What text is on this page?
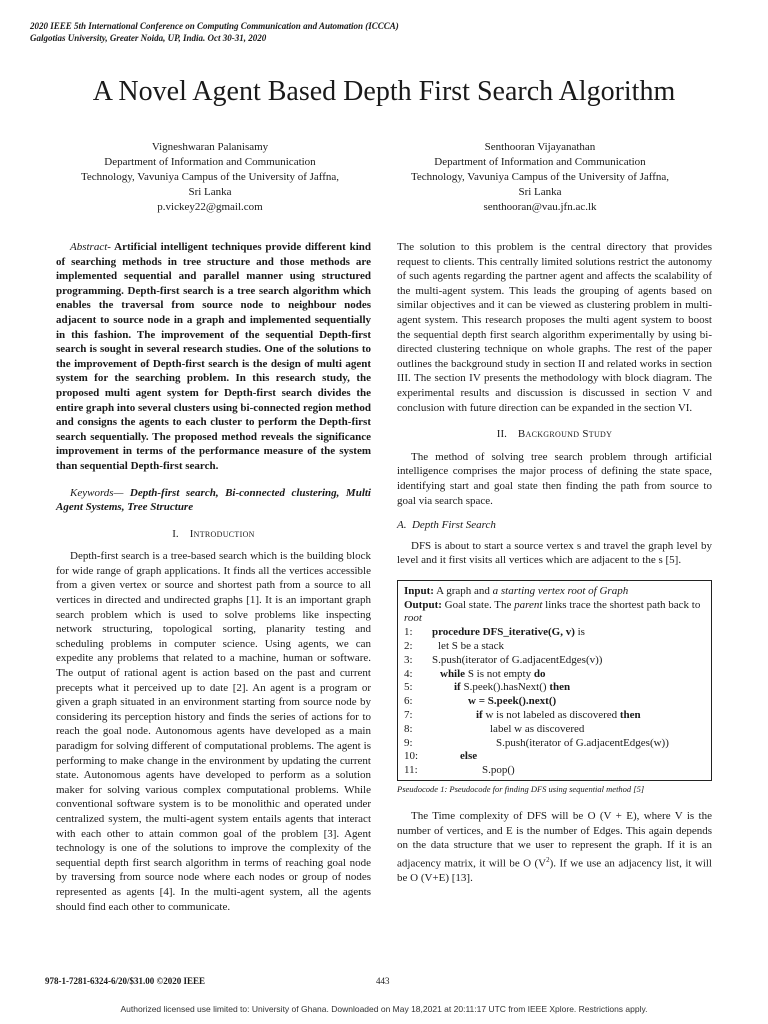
2020 IEEE 5th International Conference on Computing Communication and Automation (ICCCA)
Galgotias University, Greater Noida, UP, India. Oct 30-31, 2020
A Novel Agent Based Depth First Search Algorithm
Vigneshwaran Palanisamy
Department of Information and Communication
Technology, Vavuniya Campus of the University of Jaffna,
Sri Lanka
p.vickey22@gmail.com
Senthooran Vijayanathan
Department of Information and Communication
Technology, Vavuniya Campus of the University of Jaffna,
Sri Lanka
senthooran@vau.jfn.ac.lk

Abstract- Artificial intelligent techniques provide different kind of searching methods in tree structure and those methods are implemented sequential and parallel manner using structured programming. Depth-first search is a tree search algorithm which enables the traversal from source node to neighbour nodes adjacent to source node in a graph and implemented sequentially in this fashion. The improvement of the sequential Depth-first search is sought in several research studies. One of the solutions to the improvement of Depth-first search is the design of multi agent system for the searching problem. In this research study, the proposed multi agent system for Depth-first search divides the entire graph into several clusters using bi-connected region method and consigns the agents to each cluster to perform the Depth-first search sequentially. The proposed method reveals the significance improvement in terms of the performance measure of the system than sequential Depth-first search.

Keywords— Depth-first search, Bi-connected clustering, Multi Agent Systems, Tree Structure

I. Introduction

Depth-first search is a tree-based search which is the building block for wide range of graph applications. It finds all the vertices accessible from a given vertex or source and shortest path from a source to all vertices in directed and undirected graphs [1]. It is an important graph search problem which is used to solve problems like inspecting network structuring, topological sorting, planarity testing and scheduling problems in computer science. Using agents, we can expedite any problems that related to a machine, human or software. The output of rational agent is action based on the past and current precepts what it perceived up to date [2]. An agent is a program or given a graph situated in an environment starting from source node by considering its perception history and finds the series of actions for to reach the goal node. Autonomous agents have developed as a main paradigm for solving different of computational problems. The agent is performing to make change in the environment by updating the current state. Autonomous agents have developed to perform as a solution maker for solving various complex computational problems. While conventional software system is to be monolithic and operated under centralized system, the multi-agent system entails agents that interact with each other to attain common goal of the problem [3]. Agent technology is one of the solutions to improve the complexity of the sequential depth first search algorithm in terms of reaching goal node by traversing from source node where each nodes or group of nodes represented as agents [4]. In the multi-agent system, all the agents should find each other to communicate.

The solution to this problem is the central directory that provides request to clients. This centrally limited solutions restrict the autonomy of such agents regarding the partner agent and affects the scalability of the multi-agent system. This leads the grouping of agents based on similar objectives and it can be viewed as clustering problem in multi-agent system. This research proposes the multi agent system to boost the sequential depth first search algorithm experimentally by using bi-directed clustering technique on whole graphs. The rest of the paper outlines the background study in section II and related works in section III. The section IV presents the methodology with block diagram. The experimental results and discussion is discussed in section V and conclusion with future direction can be expanded in the section VI.

II. Background Study

The method of solving tree search problem through artificial intelligence comprises the major process of defining the state space, identifying start and goal state then finding the path from source to goal via search space.

A. Depth First Search

DFS is about to start a source vertex s and travel the graph level by level and it first visits all vertices which are adjacent to the s [5].

Input: A graph and a starting vertex root of Graph
Output: Goal state. The parent links trace the shortest path back to root
1:	procedure DFS_iterative(G, v) is
2:	let S be a stack
3:	S.push(iterator of G.adjacentEdges(v))
4:	while S is not empty do
5:	if S.peek().hasNext() then
6:	w = S.peek().next()
7:	if w is not labeled as discovered then
8:	label w as discovered
9:	S.push(iterator of G.adjacentEdges(w))
10:	else
11:	S.pop()
Pseudocode 1: Pseudocode for finding DFS using sequential method [5]

The Time complexity of DFS will be O (V + E), where V is the number of vertices, and E is the number of Edges. This again depends on the data structure that we user to represent the graph. If it is an adjacency matrix, it will be O $(V^2)$. If we use an adjacency list, it will be O (V+E) [13].

978-1-7281-6324-6/20/$31.00 ©2020 IEEE	443
Authorized licensed use limited to: University of Ghana. Downloaded on May 18,2021 at 20:11:17 UTC from IEEE Xplore. Restrictions apply.
